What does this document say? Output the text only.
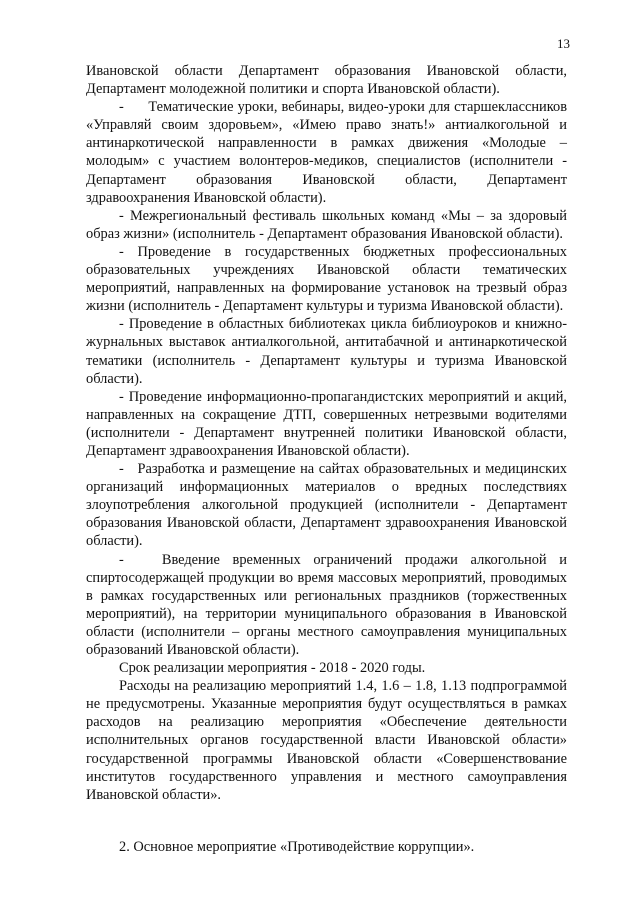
13

Ивановской области Департамент образования Ивановской области, Департамент молодежной политики и спорта Ивановской области).

-      Тематические уроки, вебинары, видео-уроки для старшеклассников «Управляй своим здоровьем», «Имею право знать!» антиалкогольной и антинаркотической направленности в рамках движения «Молодые – молодым» с участием волонтеров-медиков, специалистов (исполнители - Департамент образования Ивановской области, Департамент здравоохранения Ивановской области).

- Межрегиональный фестиваль школьных команд «Мы – за здоровый образ жизни» (исполнитель - Департамент образования Ивановской области).

- Проведение в государственных бюджетных профессиональных образовательных учреждениях Ивановской области тематических мероприятий, направленных на формирование установок на трезвый образ жизни (исполнитель - Департамент культуры и туризма Ивановской области).

- Проведение в областных библиотеках цикла библиоуроков и книжно-журнальных выставок антиалкогольной, антитабачной и антинаркотической тематики (исполнитель - Департамент культуры и туризма Ивановской области).

- Проведение информационно-пропагандистских мероприятий и акций, направленных на сокращение ДТП, совершенных нетрезвыми водителями (исполнители - Департамент внутренней политики Ивановской области, Департамент здравоохранения Ивановской области).

-   Разработка и размещение на сайтах образовательных и медицинских организаций информационных материалов о вредных последствиях злоупотребления алкогольной продукцией (исполнители - Департамент образования Ивановской области, Департамент здравоохранения Ивановской области).

-   Введение временных ограничений продажи алкогольной и спиртосодержащей продукции во время массовых мероприятий, проводимых в рамках государственных или региональных праздников (торжественных мероприятий), на территории муниципального образования в Ивановской области (исполнители – органы местного самоуправления муниципальных образований Ивановской области).

Срок реализации мероприятия - 2018 - 2020 годы.

Расходы на реализацию мероприятий 1.4, 1.6 – 1.8, 1.13 подпрограммой не предусмотрены. Указанные мероприятия будут осуществляться в рамках расходов на реализацию мероприятия «Обеспечение деятельности исполнительных органов государственной власти Ивановской области» государственной программы Ивановской области «Совершенствование институтов государственного управления и местного самоуправления Ивановской области».

2. Основное мероприятие «Противодействие коррупции».
